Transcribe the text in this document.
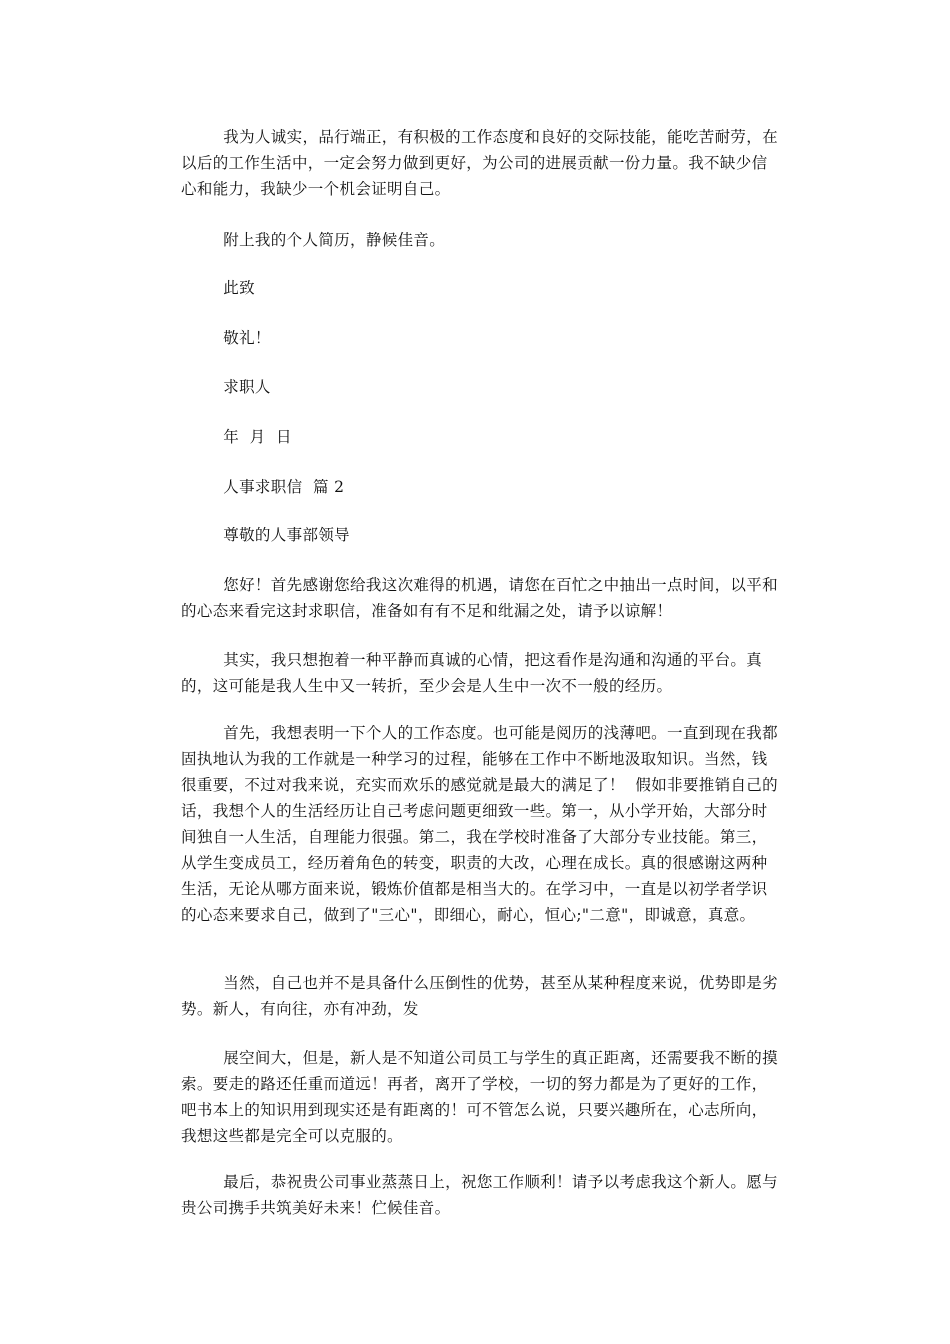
我为人诚实，品行端正，有积极的工作态度和良好的交际技能，能吃苦耐劳，在以后的工作生活中，一定会努力做到更好，为公司的进展贡献一份力量。我不缺少信心和能力，我缺少一个机会证明自己。

附上我的个人简历，静候佳音。

此致

敬礼！

求职人

年  月  日

人事求职信  篇 2

尊敬的人事部领导

您好！首先感谢您给我这次难得的机遇，请您在百忙之中抽出一点时间，以平和的心态来看完这封求职信，准备如有有不足和纰漏之处，请予以谅解！

其实，我只想抱着一种平静而真诚的心情，把这看作是沟通和沟通的平台。真的，这可能是我人生中又一转折，至少会是人生中一次不一般的经历。

首先，我想表明一下个人的工作态度。也可能是阅历的浅薄吧。一直到现在我都固执地认为我的工作就是一种学习的过程，能够在工作中不断地汲取知识。当然，钱很重要，不过对我来说，充实而欢乐的感觉就是最大的满足了！  假如非要推销自己的话，我想个人的生活经历让自己考虑问题更细致一些。第一，从小学开始，大部分时间独自一人生活，自理能力很强。第二，我在学校时准备了大部分专业技能。第三，从学生变成员工，经历着角色的转变，职责的大改，心理在成长。真的很感谢这两种生活，无论从哪方面来说，锻炼价值都是相当大的。在学习中，一直是以初学者学识的心态来要求自己，做到了"三心"，即细心，耐心，恒心;"二意"，即诚意，真意。

当然，自己也并不是具备什么压倒性的优势，甚至从某种程度来说，优势即是劣势。新人，有向往，亦有冲劲，发

展空间大，但是，新人是不知道公司员工与学生的真正距离，还需要我不断的摸索。要走的路还任重而道远！再者，离开了学校，一切的努力都是为了更好的工作，吧书本上的知识用到现实还是有距离的！可不管怎么说，只要兴趣所在，心志所向，我想这些都是完全可以克服的。

最后，恭祝贵公司事业蒸蒸日上，祝您工作顺利！请予以考虑我这个新人。愿与贵公司携手共筑美好未来！伫候佳音。
